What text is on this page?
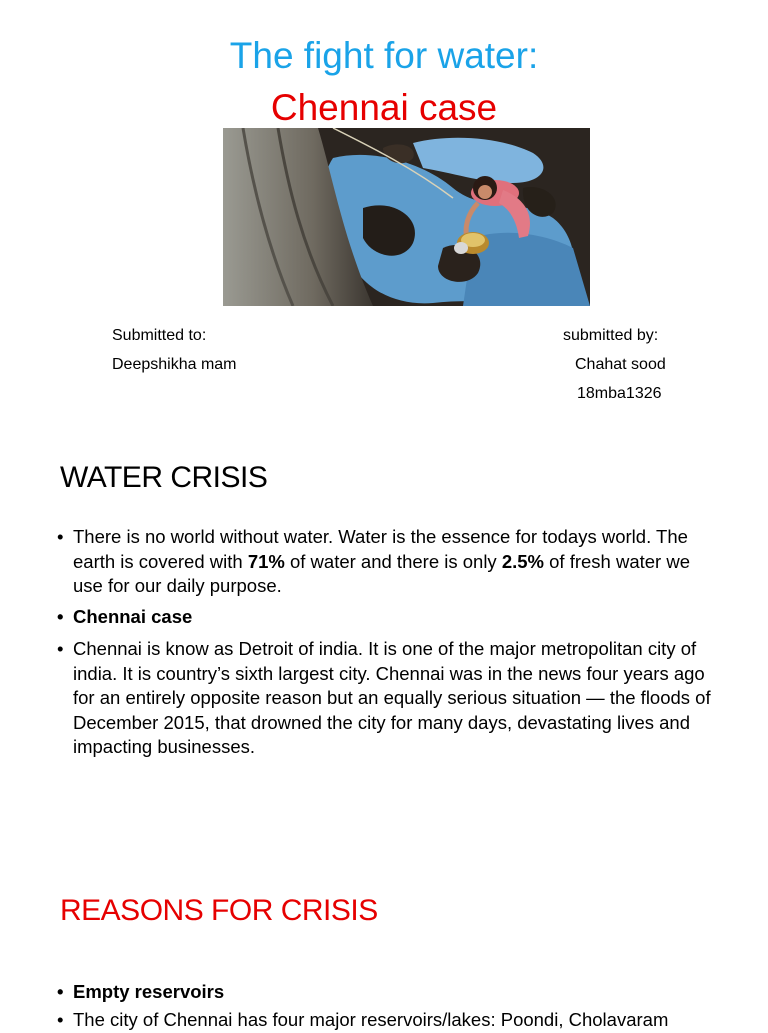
The fight for water:
Chennai case
Submitted to:
Deepshikha mam
submitted by:
Chahat sood
18mba1326
WATER CRISIS
• There is no world without water. Water is the essence for todays world. The earth is covered with 71% of water and there is only 2.5% of fresh water we use for our daily purpose.
• Chennai case
• Chennai is know as Detroit of india. It is one of the major metropolitan city of india. It is country’s sixth largest city. Chennai was in the news four years ago for an entirely opposite reason but an equally serious situation — the floods of December 2015, that drowned the city for many days, devastating lives and impacting businesses.
REASONS FOR CRISIS
• Empty reservoirs
• The city of Chennai has four major reservoirs/lakes: Poondi, Cholavaram
